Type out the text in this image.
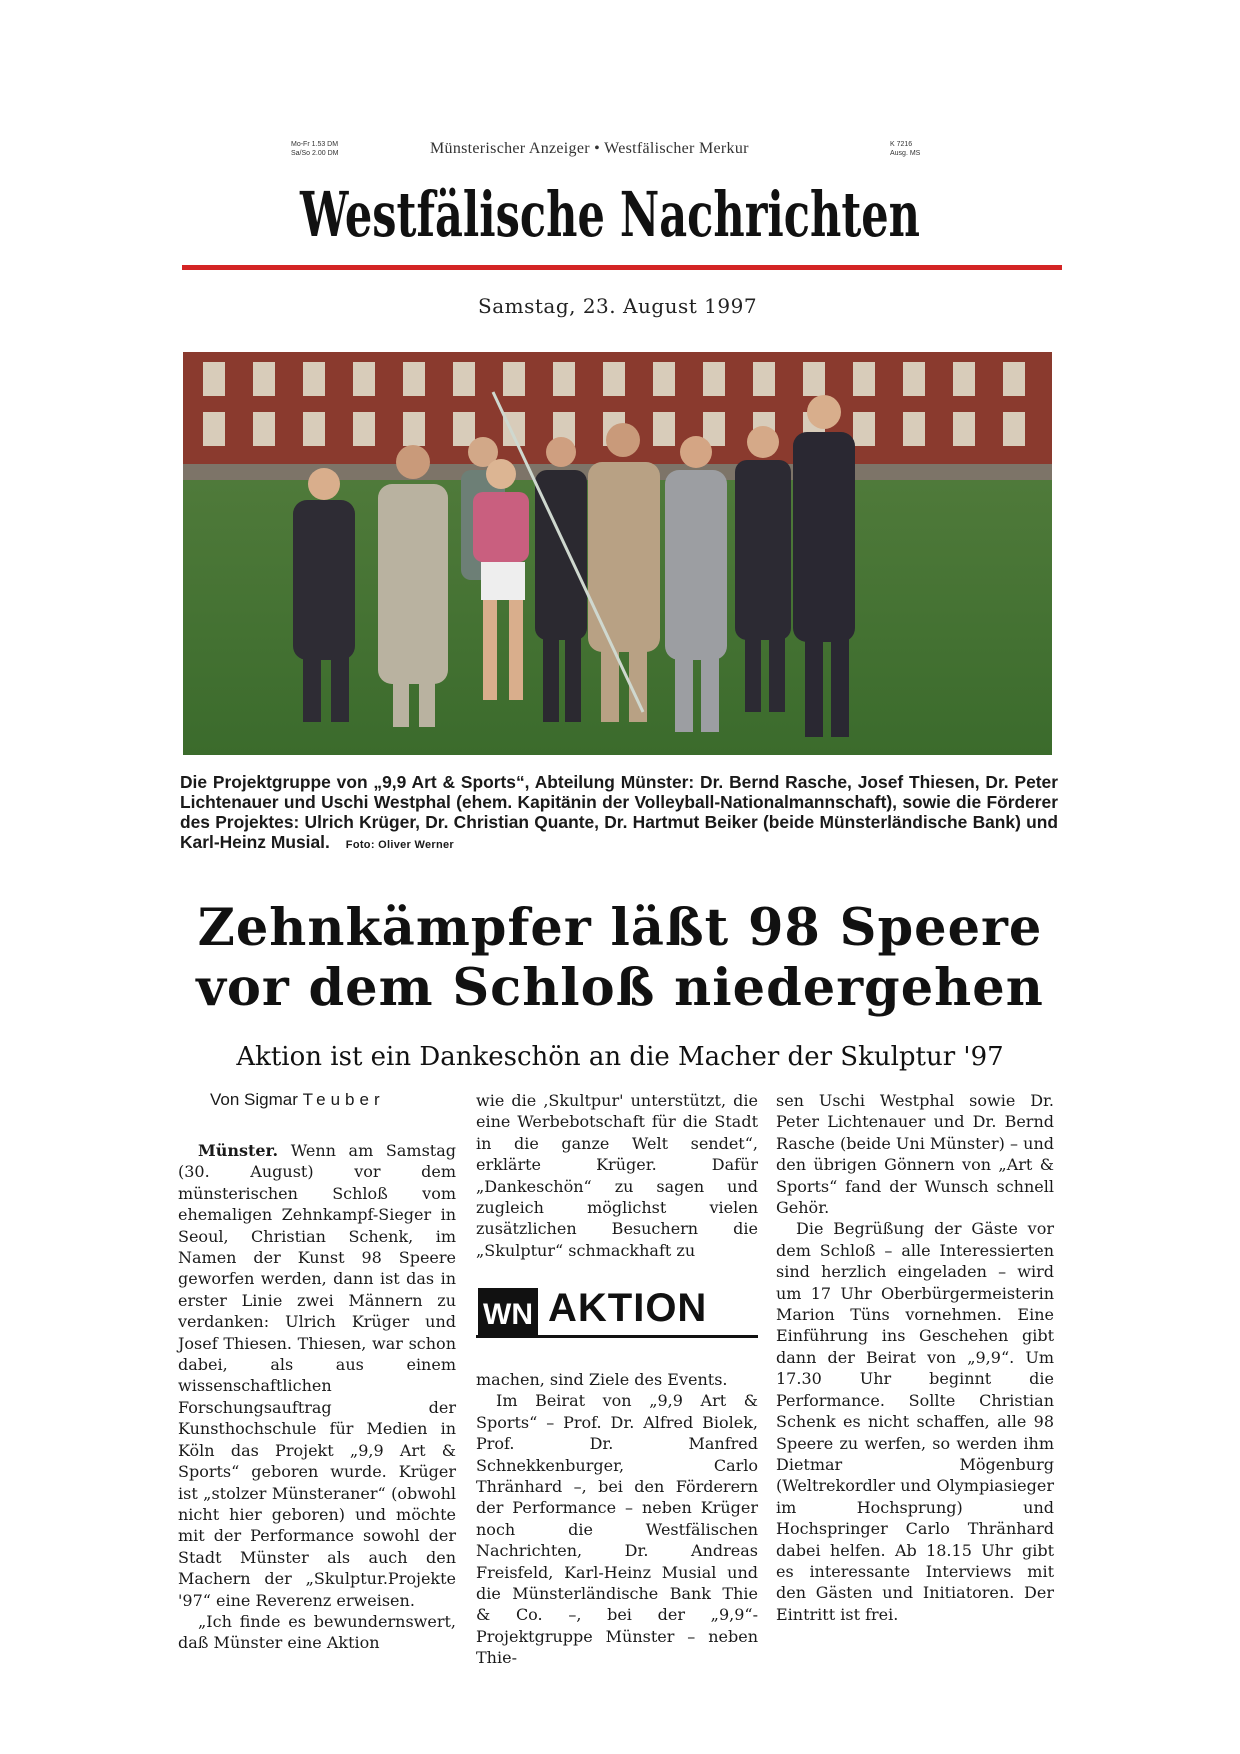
Mo-Fr 1.53 DM
Sa/So 2.00 DM	Münsterischer Anzeiger • Westfälischer Merkur	K 7216
Ausg. MS
Westfälische Nachrichten
Samstag, 23. August 1997
Die Projektgruppe von „9,9 Art & Sports“, Abteilung Münster: Dr. Bernd Rasche, Josef Thiesen, Dr. Peter Lichtenauer und Uschi Westphal (ehem. Kapitänin der Volleyball-Nationalmannschaft), sowie die Förderer des Projektes: Ulrich Krüger, Dr. Christian Quante, Dr. Hartmut Beiker (beide Münsterländische Bank) und Karl-Heinz Musial. Foto: Oliver Werner
Zehnkämpfer läßt 98 Speere
vor dem Schloß niedergehen
Aktion ist ein Dankeschön an die Macher der Skulptur '97
Von Sigmar Teuber

Münster. Wenn am Samstag (30. August) vor dem münsterischen Schloß vom ehemaligen Zehnkampf-Sieger in Seoul, Christian Schenk, im Namen der Kunst 98 Speere geworfen werden, dann ist das in erster Linie zwei Männern zu verdanken: Ulrich Krüger und Josef Thiesen. Thiesen, war schon dabei, als aus einem wissenschaftlichen Forschungsauftrag der Kunsthochschule für Medien in Köln das Projekt „9,9 Art & Sports“ geboren wurde. Krüger ist „stolzer Münsteraner“ (obwohl nicht hier geboren) und möchte mit der Performance sowohl der Stadt Münster als auch den Machern der „Skulptur.Projekte '97“ eine Reverenz erweisen.

„Ich finde es bewundernswert, daß Münster eine Aktion

wie die ‚Skultpur' unterstützt, die eine Werbebotschaft für die Stadt in die ganze Welt sendet“, erklärte Krüger. Dafür „Dankeschön“ zu sagen und zugleich möglichst vielen zusätzlichen Besuchern die „Skulptur“ schmackhaft zu

WN AKTION

machen, sind Ziele des Events.

Im Beirat von „9,9 Art & Sports“ – Prof. Dr. Alfred Biolek, Prof. Dr. Manfred Schnekkenburger, Carlo Thränhard –, bei den Förderern der Performance – neben Krüger noch die Westfälischen Nachrichten, Dr. Andreas Freisfeld, Karl-Heinz Musial und die Münsterländische Bank Thie & Co. –, bei der „9,9“-Projektgruppe Münster – neben Thie-

sen Uschi Westphal sowie Dr. Peter Lichtenauer und Dr. Bernd Rasche (beide Uni Münster) – und den übrigen Gönnern von „Art & Sports“ fand der Wunsch schnell Gehör.

Die Begrüßung der Gäste vor dem Schloß – alle Interessierten sind herzlich eingeladen – wird um 17 Uhr Oberbürgermeisterin Marion Tüns vornehmen. Eine Einführung ins Geschehen gibt dann der Beirat von „9,9“. Um 17.30 Uhr beginnt die Performance. Sollte Christian Schenk es nicht schaffen, alle 98 Speere zu werfen, so werden ihm Dietmar Mögenburg (Weltrekordler und Olympiasieger im Hochsprung) und Hochspringer Carlo Thränhard dabei helfen. Ab 18.15 Uhr gibt es interessante Interviews mit den Gästen und Initiatoren. Der Eintritt ist frei.
